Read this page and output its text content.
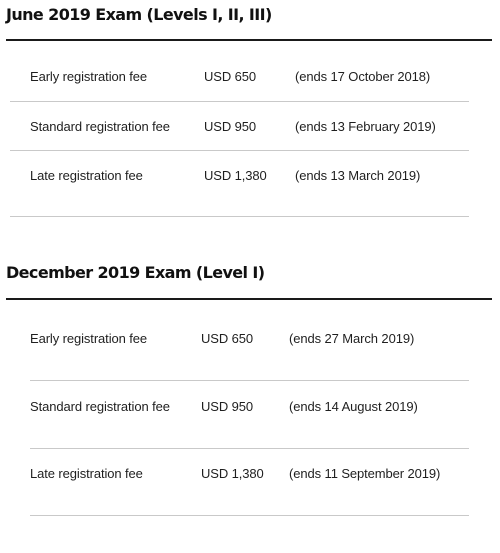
June 2019 Exam (Levels I, II, III)
Early registration fee	USD 650	(ends 17 October 2018)
Standard registration fee	USD 950	(ends 13 February 2019)
Late registration fee	USD 1,380 (ends 13 March 2019)
December 2019 Exam (Level I)
Early registration fee	USD 650	(ends 27 March 2019)
Standard registration fee USD 950	(ends 14 August 2019)
Late registration fee	USD 1,380 (ends 11 September 2019)
